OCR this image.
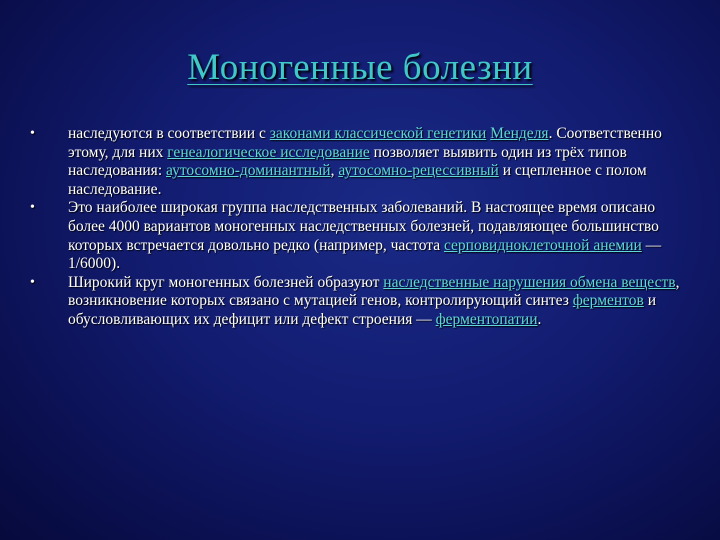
Моногенные болезни
• наследуются в соответствии с законами классической генетики Менделя. Соответственно этому, для них генеалогическое исследование позволяет выявить один из трёх типов наследования: аутосомно-доминантный, аутосомно-рецессивный и сцепленное с полом наследование.
• Это наиболее широкая группа наследственных заболеваний. В настоящее время описано более 4000 вариантов моногенных наследственных болезней, подавляющее большинство которых встречается довольно редко (например, частота серповидноклеточной анемии — 1/6000).
• Широкий круг моногенных болезней образуют наследственные нарушения обмена веществ, возникновение которых связано с мутацией генов, контролирующий синтез ферментов и обусловливающих их дефицит или дефект строения — ферментопатии.
